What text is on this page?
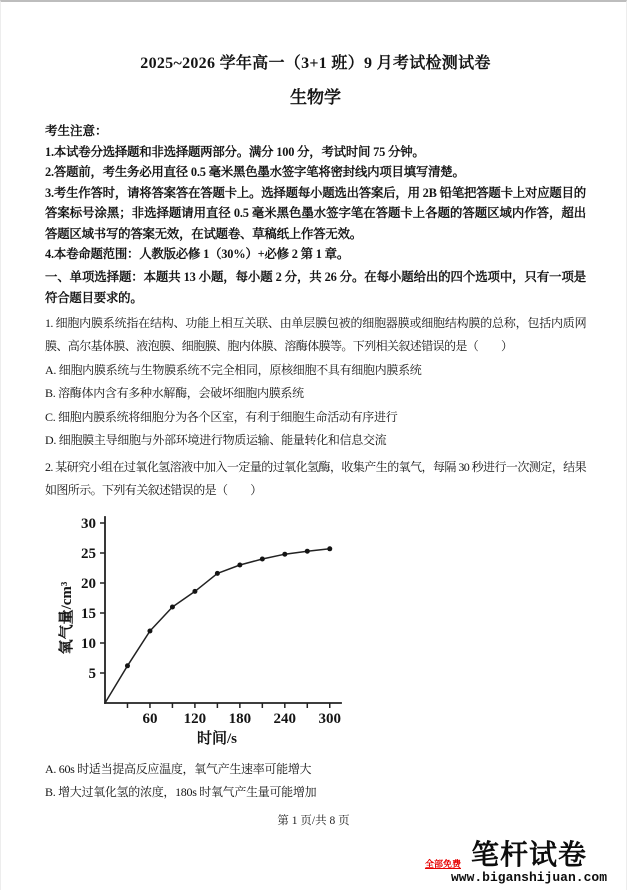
2025~2026 学年高一（3+1 班）9 月考试检测试卷
生物学

考生注意：

1.本试卷分选择题和非选择题两部分。满分 100 分，考试时间 75 分钟。

2.答题前，考生务必用直径 0.5 毫米黑色墨水签字笔将密封线内项目填写清楚。

3.考生作答时，请将答案答在答题卡上。选择题每小题选出答案后，用 2B 铅笔把答题卡上对应题目的答案标号涂黑；非选择题请用直径 0.5 毫米黑色墨水签字笔在答题卡上各题的答题区域内作答，超出答题区域书写的答案无效，在试题卷、草稿纸上作答无效。

4.本卷命题范围：人教版必修 1（30%）+必修 2 第 1 章。

一、单项选择题：本题共 13 小题，每小题 2 分，共 26 分。在每小题给出的四个选项中，只有一项是符合题目要求的。

1. 细胞内膜系统指在结构、功能上相互关联、由单层膜包被的细胞器膜或细胞结构膜的总称，包括内质网膜、高尔基体膜、液泡膜、细胞膜、胞内体膜、溶酶体膜等。下列相关叙述错误的是（　　）

A. 细胞内膜系统与生物膜系统不完全相同，原核细胞不具有细胞内膜系统

B. 溶酶体内含有多种水解酶，会破坏细胞内膜系统

C. 细胞内膜系统将细胞分为各个区室，有利于细胞生命活动有序进行

D. 细胞膜主导细胞与外部环境进行物质运输、能量转化和信息交流

2. 某研究小组在过氧化氢溶液中加入一定量的过氧化氢酶，收集产生的氧气，每隔 30 秒进行一次测定，结果如图所示。下列有关叙述错误的是（　　）

5
10
15
20
25
30
60 120 180 240 300
时间/s
氧气量/cm³

A. 60s 时适当提高反应温度，氧气产生速率可能增大

B. 增大过氧化氢的浓度，180s 时氧气产生量可能增加

第 1 页/共 8 页
全部免费 笔杆试卷
www.biganshijuan.com
